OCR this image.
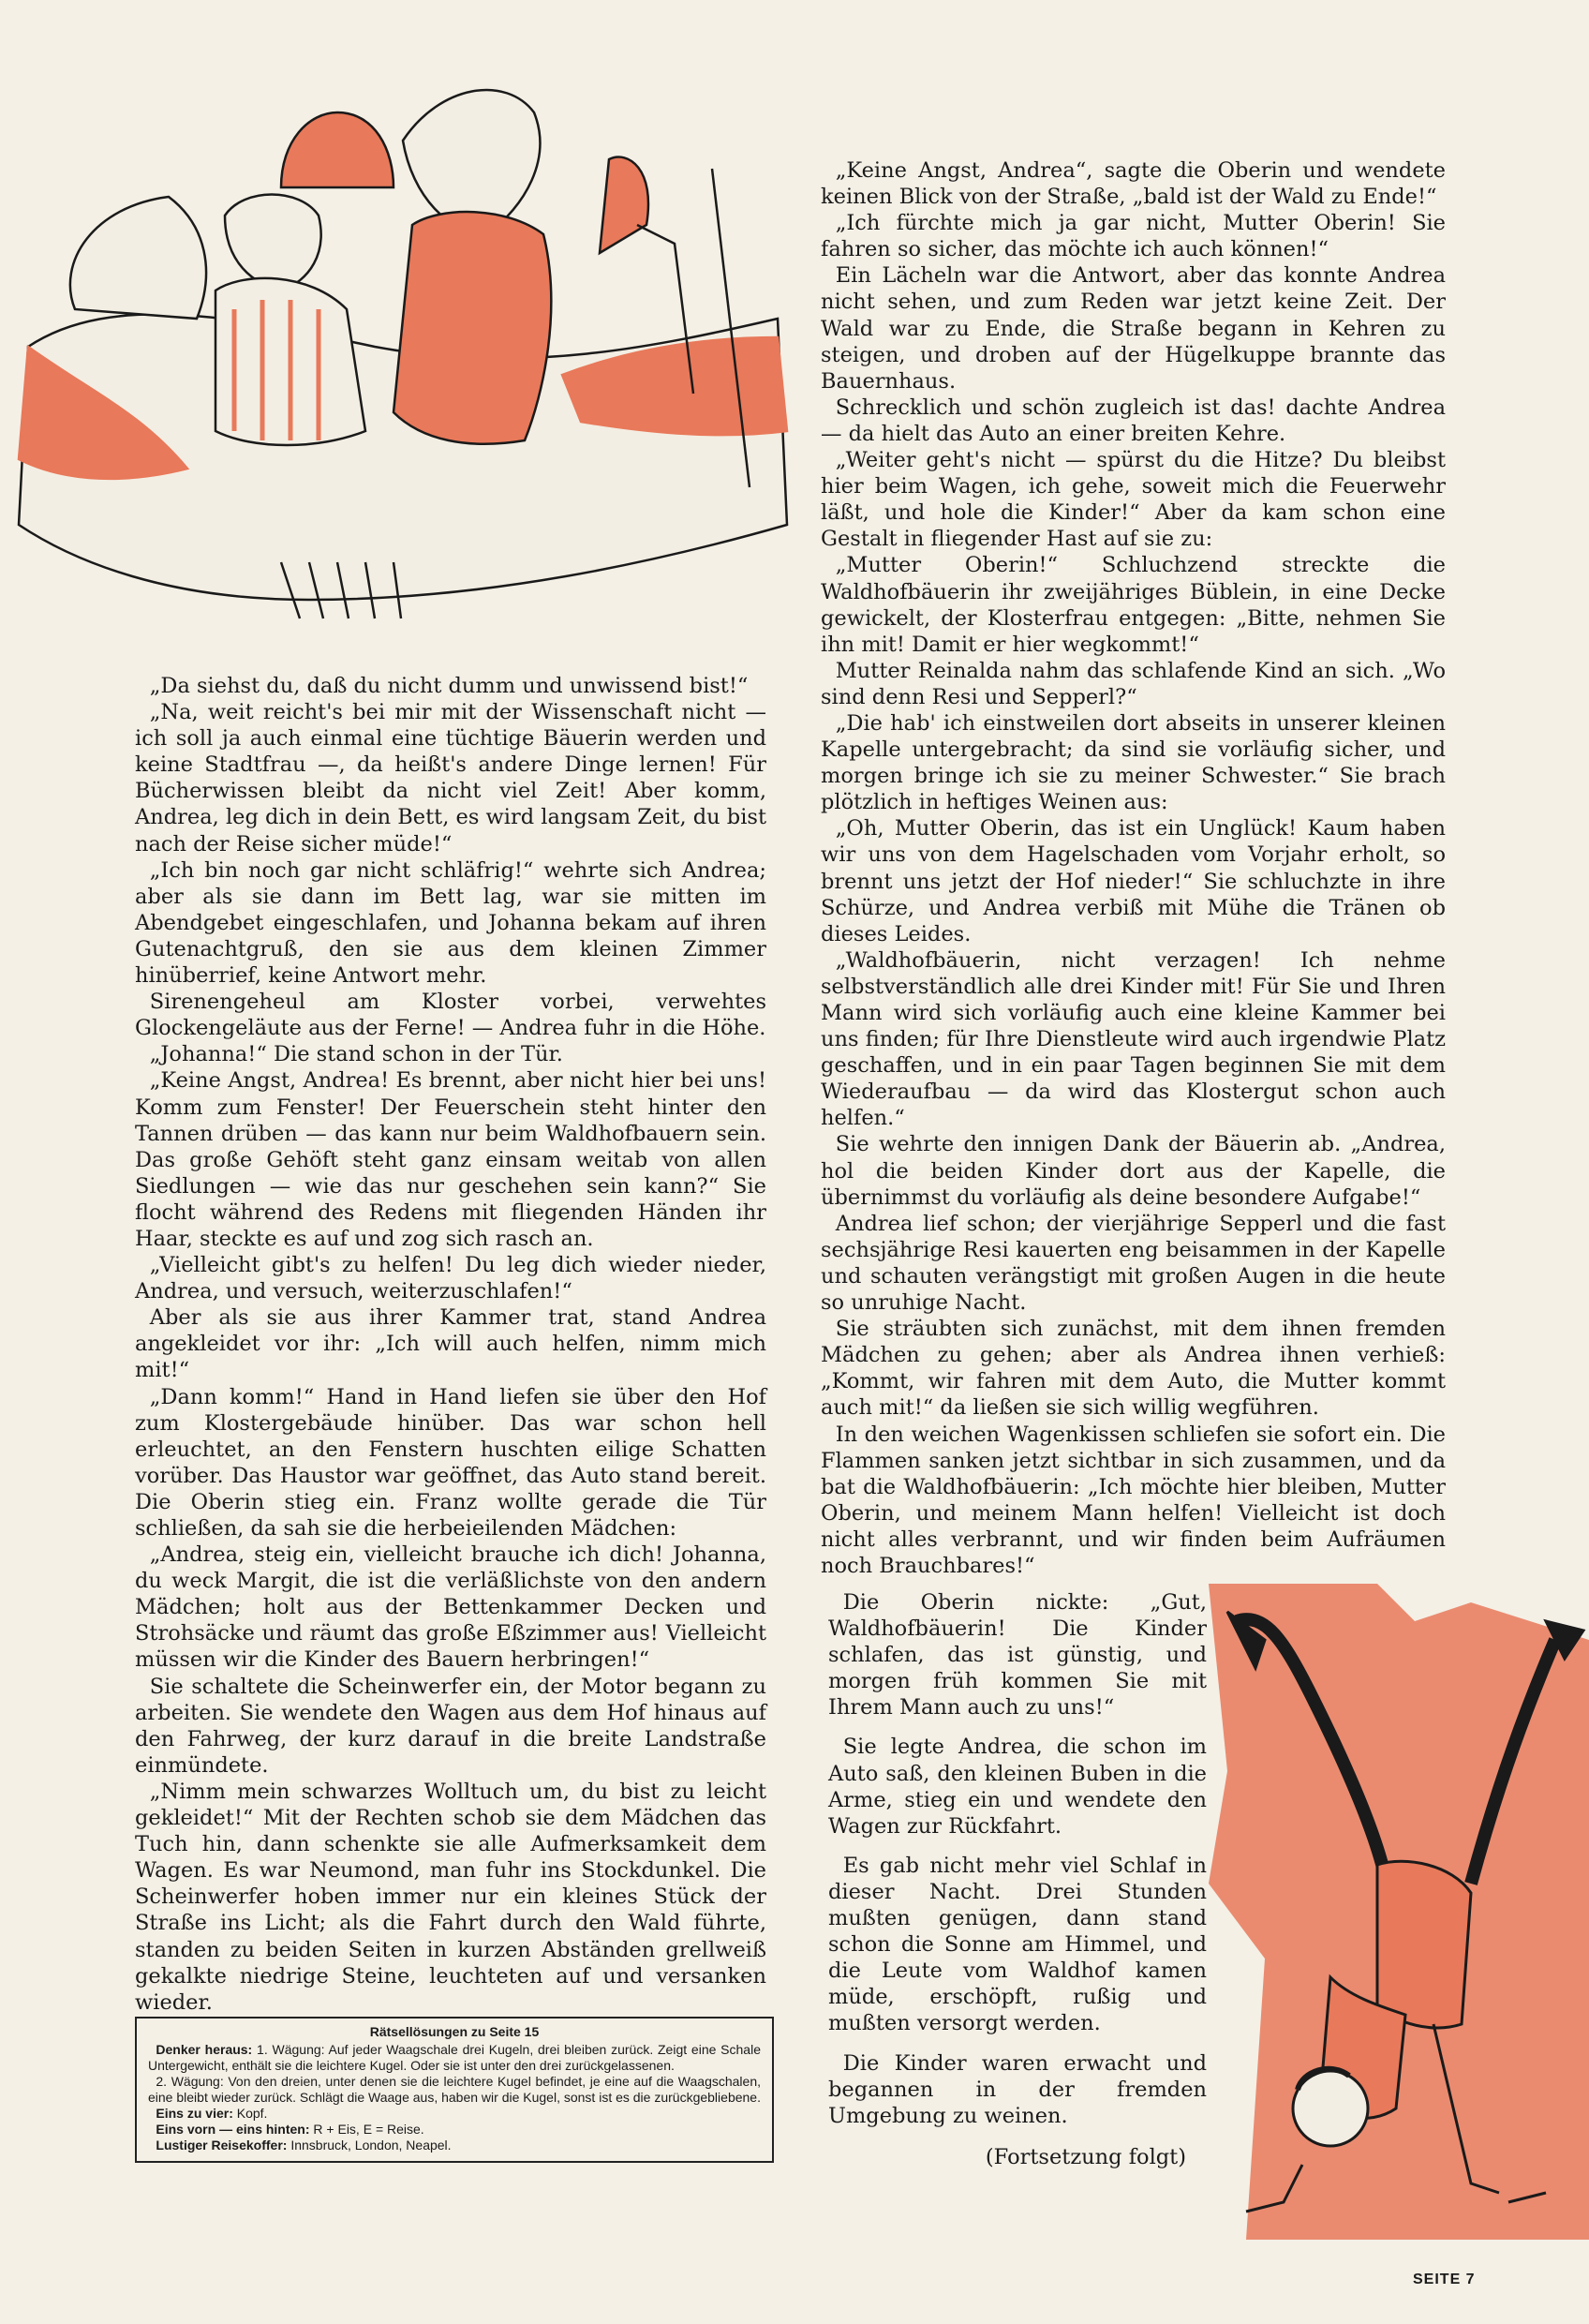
„Da siehst du, daß du nicht dumm und unwissend bist!“

„Na, weit reicht's bei mir mit der Wissenschaft nicht — ich soll ja auch einmal eine tüchtige Bäuerin werden und keine Stadtfrau —, da heißt's andere Dinge lernen! Für Bücherwissen bleibt da nicht viel Zeit! Aber komm, Andrea, leg dich in dein Bett, es wird langsam Zeit, du bist nach der Reise sicher müde!“

„Ich bin noch gar nicht schläfrig!“ wehrte sich Andrea; aber als sie dann im Bett lag, war sie mitten im Abendgebet eingeschlafen, und Johanna bekam auf ihren Gutenachtgruß, den sie aus dem kleinen Zimmer hinüberrief, keine Antwort mehr.

Sirenengeheul am Kloster vorbei, verwehtes Glockengeläute aus der Ferne! — Andrea fuhr in die Höhe.

„Johanna!“ Die stand schon in der Tür.

„Keine Angst, Andrea! Es brennt, aber nicht hier bei uns! Komm zum Fenster! Der Feuerschein steht hinter den Tannen drüben — das kann nur beim Waldhofbauern sein. Das große Gehöft steht ganz einsam weitab von allen Siedlungen — wie das nur geschehen sein kann?“ Sie flocht während des Redens mit fliegenden Händen ihr Haar, steckte es auf und zog sich rasch an.

„Vielleicht gibt's zu helfen! Du leg dich wieder nieder, Andrea, und versuch, weiterzuschlafen!“

Aber als sie aus ihrer Kammer trat, stand Andrea angekleidet vor ihr: „Ich will auch helfen, nimm mich mit!“

„Dann komm!“ Hand in Hand liefen sie über den Hof zum Klostergebäude hinüber. Das war schon hell erleuchtet, an den Fenstern huschten eilige Schatten vorüber. Das Haustor war geöffnet, das Auto stand bereit. Die Oberin stieg ein. Franz wollte gerade die Tür schließen, da sah sie die herbeieilenden Mädchen:

„Andrea, steig ein, vielleicht brauche ich dich! Johanna, du weck Margit, die ist die verläßlichste von den andern Mädchen; holt aus der Bettenkammer Decken und Strohsäcke und räumt das große Eßzimmer aus! Vielleicht müssen wir die Kinder des Bauern herbringen!“

Sie schaltete die Scheinwerfer ein, der Motor begann zu arbeiten. Sie wendete den Wagen aus dem Hof hinaus auf den Fahrweg, der kurz darauf in die breite Landstraße einmündete.

„Nimm mein schwarzes Wolltuch um, du bist zu leicht gekleidet!“ Mit der Rechten schob sie dem Mädchen das Tuch hin, dann schenkte sie alle Aufmerksamkeit dem Wagen. Es war Neumond, man fuhr ins Stockdunkel. Die Scheinwerfer hoben immer nur ein kleines Stück der Straße ins Licht; als die Fahrt durch den Wald führte, standen zu beiden Seiten in kurzen Abständen grellweiß gekalkte niedrige Steine, leuchteten auf und versanken wieder.

Rätsellösungen zu Seite 15

Denker heraus: 1. Wägung: Auf jeder Waagschale drei Kugeln, drei bleiben zurück. Zeigt eine Schale Untergewicht, enthält sie die leichtere Kugel. Oder sie ist unter den drei zurückgelassenen.

2. Wägung: Von den dreien, unter denen sie die leichtere Kugel befindet, je eine auf die Waagschalen, eine bleibt wieder zurück. Schlägt die Waage aus, haben wir die Kugel, sonst ist es die zurückgebliebene.

Eins zu vier: Kopf.

Eins vorn — eins hinten: R + Eis, E = Reise.

Lustiger Reisekoffer: Innsbruck, London, Neapel.

„Keine Angst, Andrea“, sagte die Oberin und wendete keinen Blick von der Straße, „bald ist der Wald zu Ende!“

„Ich fürchte mich ja gar nicht, Mutter Oberin! Sie fahren so sicher, das möchte ich auch können!“

Ein Lächeln war die Antwort, aber das konnte Andrea nicht sehen, und zum Reden war jetzt keine Zeit. Der Wald war zu Ende, die Straße begann in Kehren zu steigen, und droben auf der Hügelkuppe brannte das Bauernhaus.

Schrecklich und schön zugleich ist das! dachte Andrea — da hielt das Auto an einer breiten Kehre.

„Weiter geht's nicht — spürst du die Hitze? Du bleibst hier beim Wagen, ich gehe, soweit mich die Feuerwehr läßt, und hole die Kinder!“ Aber da kam schon eine Gestalt in fliegender Hast auf sie zu:

„Mutter Oberin!“ Schluchzend streckte die Waldhofbäuerin ihr zweijähriges Büblein, in eine Decke gewickelt, der Klosterfrau entgegen: „Bitte, nehmen Sie ihn mit! Damit er hier wegkommt!“

Mutter Reinalda nahm das schlafende Kind an sich. „Wo sind denn Resi und Sepperl?“

„Die hab' ich einstweilen dort abseits in unserer kleinen Kapelle untergebracht; da sind sie vorläufig sicher, und morgen bringe ich sie zu meiner Schwester.“ Sie brach plötzlich in heftiges Weinen aus:

„Oh, Mutter Oberin, das ist ein Unglück! Kaum haben wir uns von dem Hagelschaden vom Vorjahr erholt, so brennt uns jetzt der Hof nieder!“ Sie schluchzte in ihre Schürze, und Andrea verbiß mit Mühe die Tränen ob dieses Leides.

„Waldhofbäuerin, nicht verzagen! Ich nehme selbstverständlich alle drei Kinder mit! Für Sie und Ihren Mann wird sich vorläufig auch eine kleine Kammer bei uns finden; für Ihre Dienstleute wird auch irgendwie Platz geschaffen, und in ein paar Tagen beginnen Sie mit dem Wiederaufbau — da wird das Klostergut schon auch helfen.“

Sie wehrte den innigen Dank der Bäuerin ab. „Andrea, hol die beiden Kinder dort aus der Kapelle, die übernimmst du vorläufig als deine besondere Aufgabe!“

Andrea lief schon; der vierjährige Sepperl und die fast sechsjährige Resi kauerten eng beisammen in der Kapelle und schauten verängstigt mit großen Augen in die heute so unruhige Nacht.

Sie sträubten sich zunächst, mit dem ihnen fremden Mädchen zu gehen; aber als Andrea ihnen verhieß: „Kommt, wir fahren mit dem Auto, die Mutter kommt auch mit!“ da ließen sie sich willig wegführen.

In den weichen Wagenkissen schliefen sie sofort ein. Die Flammen sanken jetzt sichtbar in sich zusammen, und da bat die Waldhofbäuerin: „Ich möchte hier bleiben, Mutter Oberin, und meinem Mann helfen! Vielleicht ist doch nicht alles verbrannt, und wir finden beim Aufräumen noch Brauchbares!“

Die Oberin nickte: „Gut, Waldhofbäuerin! Die Kinder schlafen, das ist günstig, und morgen früh kommen Sie mit Ihrem Mann auch zu uns!“

Sie legte Andrea, die schon im Auto saß, den kleinen Buben in die Arme, stieg ein und wendete den Wagen zur Rückfahrt.

Es gab nicht mehr viel Schlaf in dieser Nacht. Drei Stunden mußten genügen, dann stand schon die Sonne am Himmel, und die Leute vom Waldhof kamen müde, erschöpft, rußig und mußten versorgt werden.

Die Kinder waren erwacht und begannen in der fremden Umgebung zu weinen.

(Fortsetzung folgt)

SEITE 7
